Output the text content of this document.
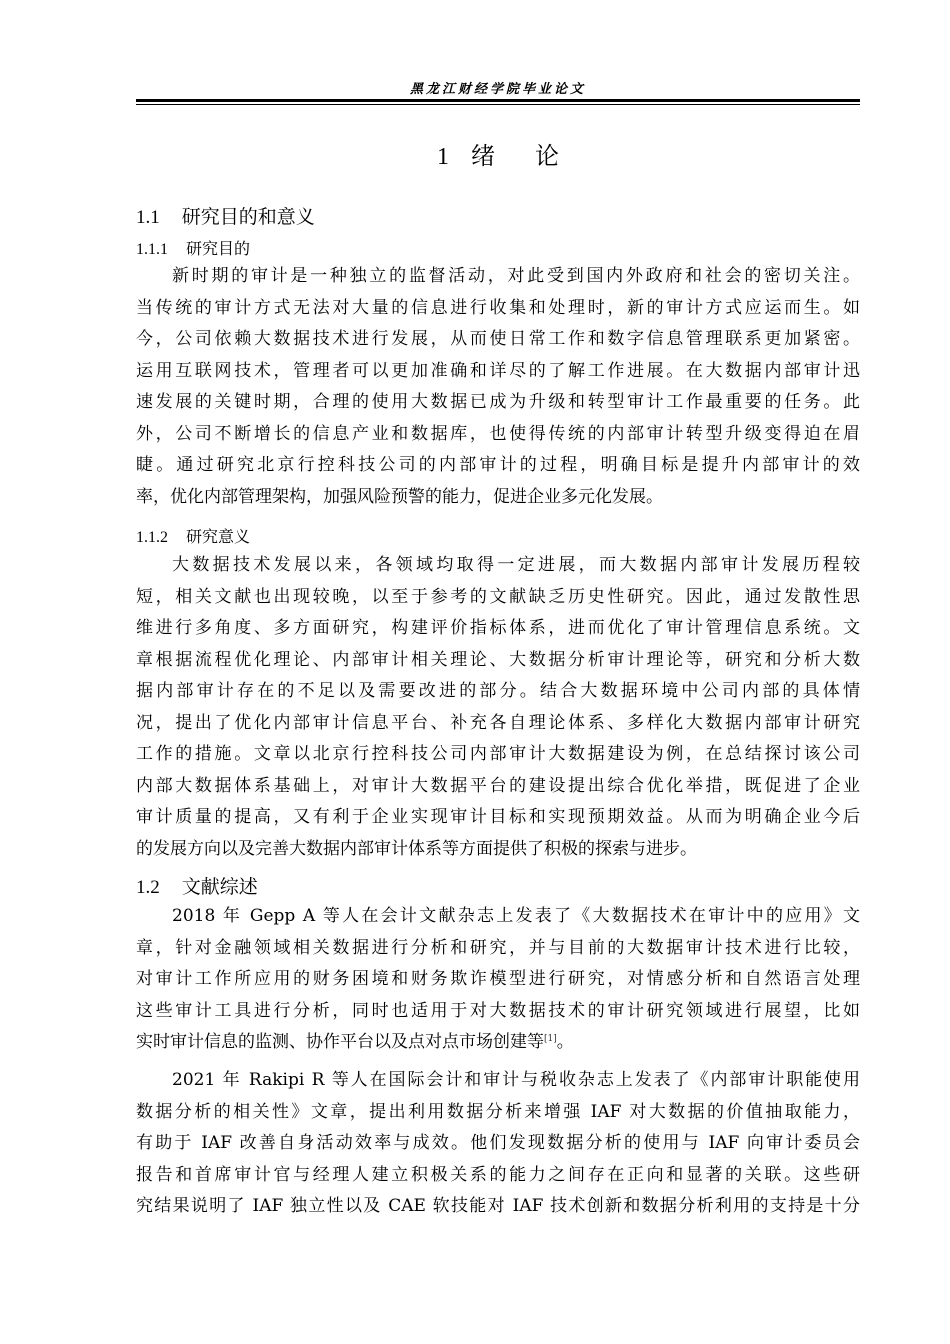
黑龙江财经学院毕业论文
1 绪 论
1.1 研究目的和意义
1.1.1 研究目的
新时期的审计是一种独立的监督活动，对此受到国内外政府和社会的密切关注。
当传统的审计方式无法对大量的信息进行收集和处理时，新的审计方式应运而生。如
今，公司依赖大数据技术进行发展，从而使日常工作和数字信息管理联系更加紧密。
运用互联网技术，管理者可以更加准确和详尽的了解工作进展。在大数据内部审计迅
速发展的关键时期，合理的使用大数据已成为升级和转型审计工作最重要的任务。此
外，公司不断增长的信息产业和数据库，也使得传统的内部审计转型升级变得迫在眉
睫。通过研究北京行控科技公司的内部审计的过程，明确目标是提升内部审计的效
率，优化内部管理架构，加强风险预警的能力，促进企业多元化发展。
1.1.2 研究意义
大数据技术发展以来，各领域均取得一定进展，而大数据内部审计发展历程较
短，相关文献也出现较晚，以至于参考的文献缺乏历史性研究。因此，通过发散性思
维进行多角度、多方面研究，构建评价指标体系，进而优化了审计管理信息系统。文
章根据流程优化理论、内部审计相关理论、大数据分析审计理论等，研究和分析大数
据内部审计存在的不足以及需要改进的部分。结合大数据环境中公司内部的具体情
况，提出了优化内部审计信息平台、补充各自理论体系、多样化大数据内部审计研究
工作的措施。文章以北京行控科技公司内部审计大数据建设为例，在总结探讨该公司
内部大数据体系基础上，对审计大数据平台的建设提出综合优化举措，既促进了企业
审计质量的提高，又有利于企业实现审计目标和实现预期效益。从而为明确企业今后
的发展方向以及完善大数据内部审计体系等方面提供了积极的探索与进步。
1.2 文献综述
2018 年 Gepp A 等人在会计文献杂志上发表了《大数据技术在审计中的应用》文
章，针对金融领域相关数据进行分析和研究，并与目前的大数据审计技术进行比较，
对审计工作所应用的财务困境和财务欺诈模型进行研究，对情感分析和自然语言处理
这些审计工具进行分析，同时也适用于对大数据技术的审计研究领域进行展望，比如
实时审计信息的监测、协作平台以及点对点市场创建等[1]。
2021 年 Rakipi R 等人在国际会计和审计与税收杂志上发表了《内部审计职能使用
数据分析的相关性》文章，提出利用数据分析来增强 IAF 对大数据的价值抽取能力，
有助于 IAF 改善自身活动效率与成效。他们发现数据分析的使用与 IAF 向审计委员会
报告和首席审计官与经理人建立积极关系的能力之间存在正向和显著的关联。这些研
究结果说明了 IAF 独立性以及 CAE 软技能对 IAF 技术创新和数据分析利用的支持是十分
